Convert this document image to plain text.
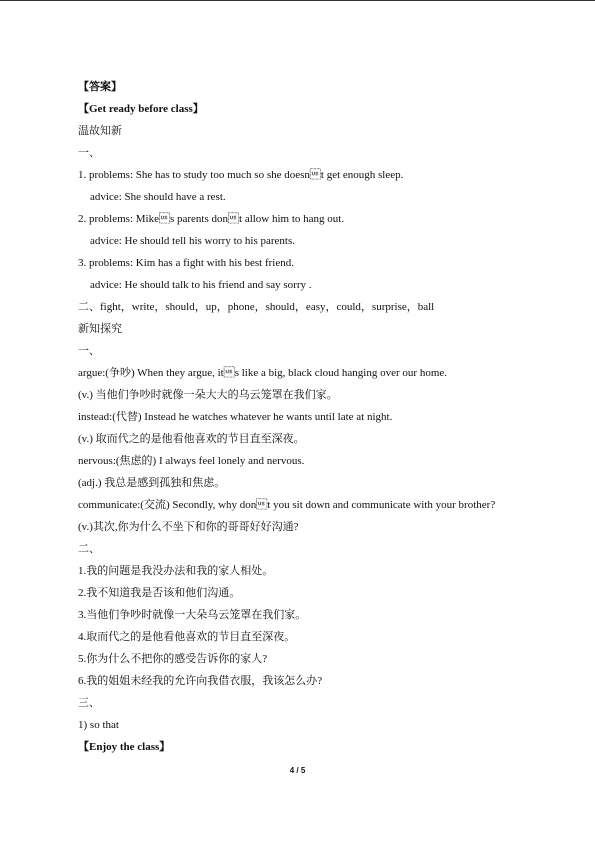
【答案】
【Get ready before class】
温故知新
一、
1. problems: She has to study too much so she doesnt get enough sleep.
advice: She should have a rest.
2. problems: Mikes parents dont allow him to hang out.
advice: He should tell his worry to his parents.
3. problems: Kim has a fight with his best friend.
advice: He should talk to his friend and say sorry .
二、fight，write，should，up，phone，should，easy，could，surprise，ball
新知探究
一、
argue:(争吵) When they argue, its like a big, black cloud hanging over our home.
(v.) 当他们争吵时就像一朵大大的乌云笼罩在我们家。
instead:(代替) Instead he watches whatever he wants until late at night.
(v.) 取而代之的是他看他喜欢的节目直至深夜。
nervous:(焦虑的) I always feel lonely and nervous.
(adj.) 我总是感到孤独和焦虑。
communicate:(交流) Secondly, why dont you sit down and communicate with your brother?
(v.)其次,你为什么不坐下和你的哥哥好好沟通?
二、
1.我的问题是我没办法和我的家人相处。
2.我不知道我是否该和他们沟通。
3.当他们争吵时就像一大朵乌云笼罩在我们家。
4.取而代之的是他看他喜欢的节目直至深夜。
5.你为什么不把你的感受告诉你的家人?
6.我的姐姐未经我的允许向我借衣服，我该怎么办?
三、
1) so that
【Enjoy the class】
4 / 5
